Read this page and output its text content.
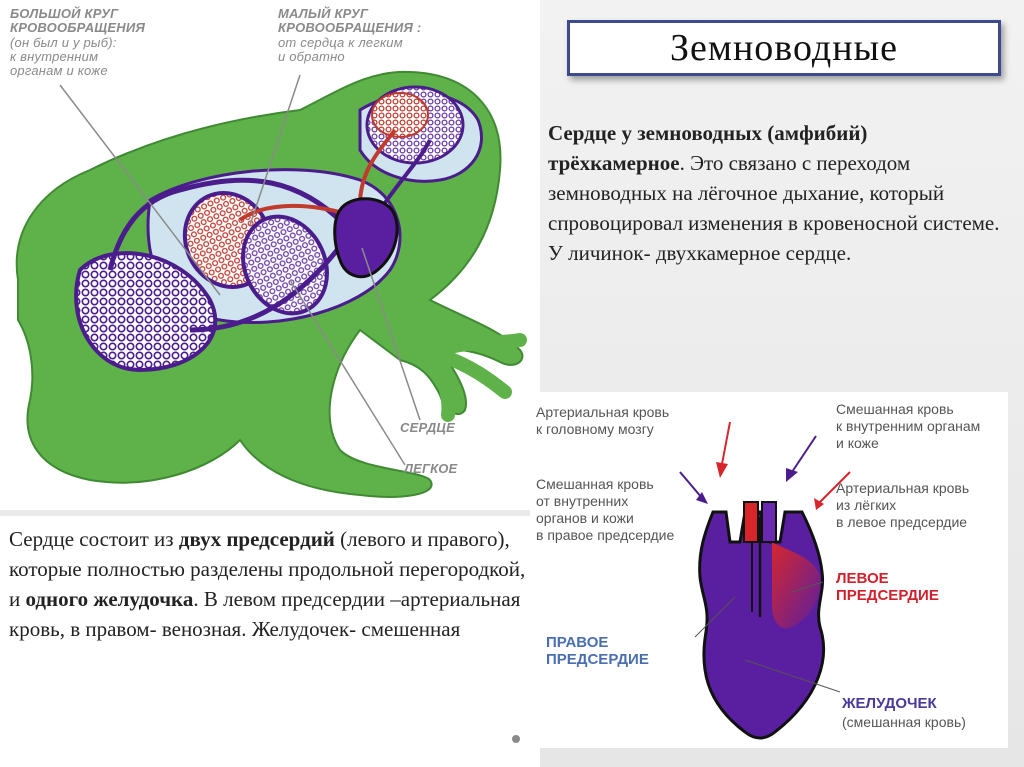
БОЛЬШОЙ КРУГ
КРОВООБРАЩЕНИЯ
(он был и у рыб):
к внутренним
органам и коже
МАЛЫЙ КРУГ
КРОВООБРАЩЕНИЯ :
от сердца к легким
и обратно
СЕРДЦЕ
ЛЕГКОЕ
Земноводные
Сердце у земноводных (амфибий) трёхкамерное. Это связано с переходом земноводных на лёгочное дыхание, который спровоцировал изменения в кровеносной системе.
У личинок- двухкамерное сердце.
Сердце состоит из двух предсердий (левого и правого), которые полностью разделены продольной перегородкой, и одного желудочка. В левом предсердии –артериальная кровь, в правом- венозная. Желудочек- смешенная
Артериальная кровь
к головному мозгу
Смешанная кровь
к внутренним органам
и коже
Смешанная кровь
от внутренних
органов и кожи
в правое предсердие
Артериальная кровь
из лёгких
в левое предсердие
ЛЕВОЕ
ПРЕДСЕРДИЕ
ПРАВОЕ
ПРЕДСЕРДИЕ
ЖЕЛУДОЧЕК
(смешанная кровь)
